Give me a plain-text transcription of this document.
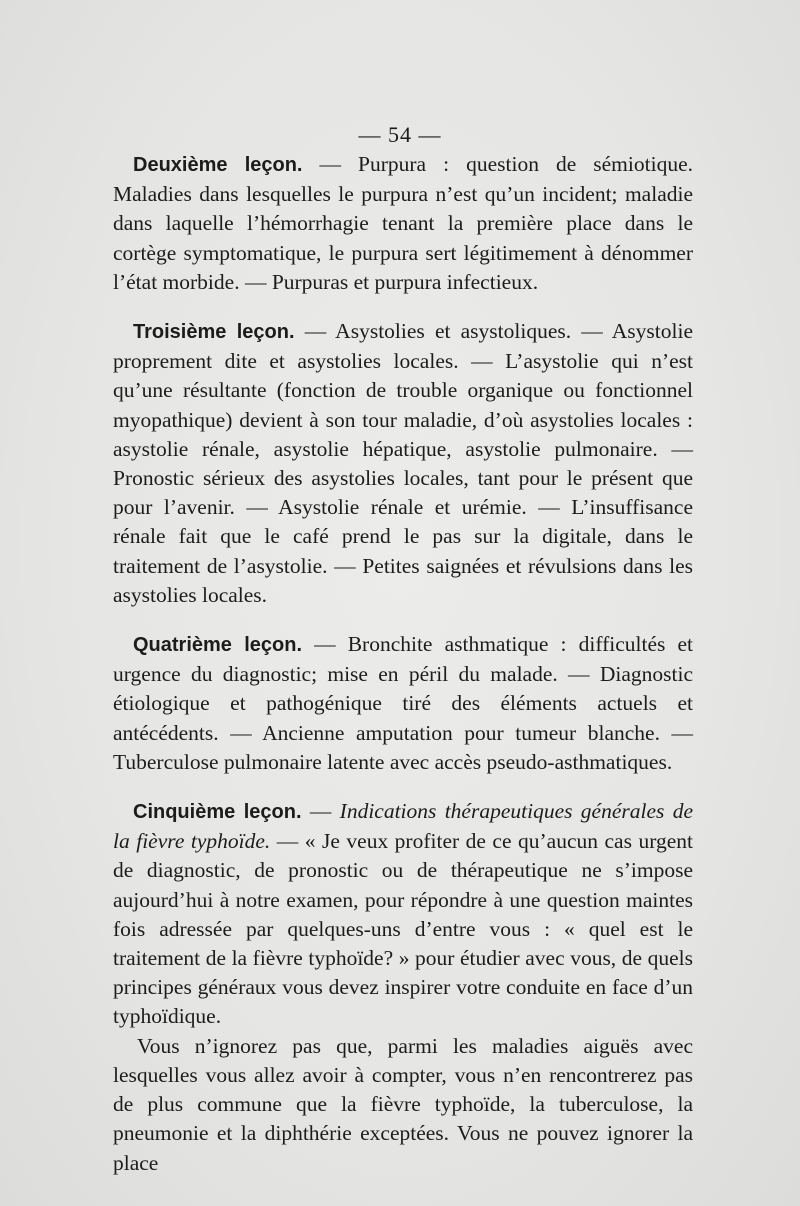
— 54 —

Deuxième leçon. — Purpura : question de sémiotique. Maladies dans lesquelles le purpura n’est qu’un incident; maladie dans laquelle l’hémorrhagie tenant la première place dans le cortège symptomatique, le purpura sert légitimement à dénommer l’état morbide. — Purpuras et purpura infectieux.

Troisième leçon. — Asystolies et asystoliques. — Asystolie proprement dite et asystolies locales. — L’asystolie qui n’est qu’une résultante (fonction de trouble organique ou fonctionnel myopathique) devient à son tour maladie, d’où asystolies locales : asystolie rénale, asystolie hépatique, asystolie pulmonaire. — Pronostic sérieux des asystolies locales, tant pour le présent que pour l’avenir. — Asystolie rénale et urémie. — L’insuffisance rénale fait que le café prend le pas sur la digitale, dans le traitement de l’asystolie. — Petites saignées et révulsions dans les asystolies locales.

Quatrième leçon. — Bronchite asthmatique : difficultés et urgence du diagnostic; mise en péril du malade. — Diagnostic étiologique et pathogénique tiré des éléments actuels et antécédents. — Ancienne amputation pour tumeur blanche. — Tuberculose pulmonaire latente avec accès pseudo-asthmatiques.

Cinquième leçon. — Indications thérapeutiques générales de la fièvre typhoïde. — « Je veux profiter de ce qu’aucun cas urgent de diagnostic, de pronostic ou de thérapeutique ne s’impose aujourd’hui à notre examen, pour répondre à une question maintes fois adressée par quelques-uns d’entre vous : « quel est le traitement de la fièvre typhoïde? » pour étudier avec vous, de quels principes généraux vous devez inspirer votre conduite en face d’un typhoïdique.

Vous n’ignorez pas que, parmi les maladies aiguës avec lesquelles vous allez avoir à compter, vous n’en rencontrerez pas de plus commune que la fièvre typhoïde, la tuberculose, la pneumonie et la diphthérie exceptées. Vous ne pouvez ignorer la place
